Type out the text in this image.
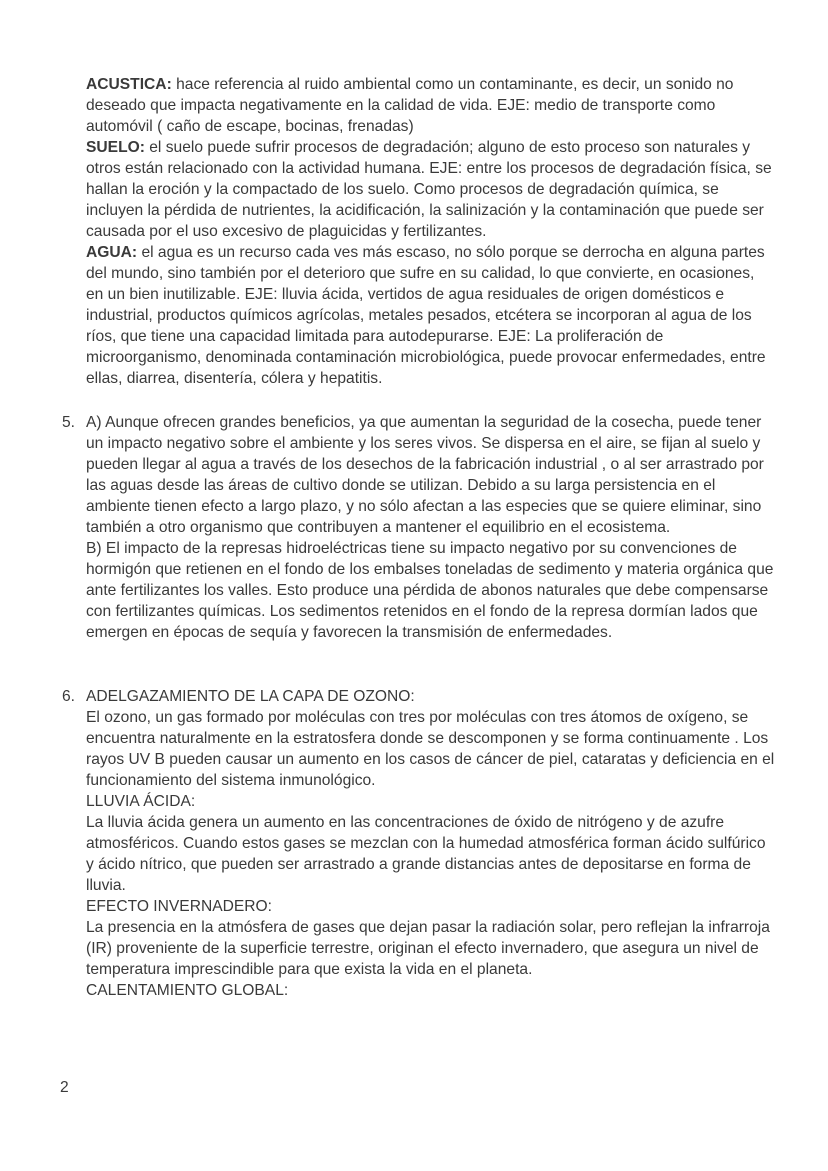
ACUSTICA: hace referencia al ruido ambiental como un contaminante, es decir, un sonido no deseado que impacta negativamente en la calidad de vida. EJE: medio de transporte como automóvil ( caño de escape, bocinas, frenadas)

SUELO: el suelo puede sufrir procesos de degradación; alguno de esto proceso son naturales y otros están relacionado con la actividad humana. EJE: entre los procesos de degradación física, se hallan la eroción y la compactado de los suelo. Como procesos de degradación química, se incluyen la pérdida de nutrientes, la acidificación, la salinización y la contaminación que puede ser causada por el uso excesivo de plaguicidas y fertilizantes.

AGUA: el agua es un recurso cada ves más escaso, no sólo porque se derrocha en alguna partes del mundo, sino también por el deterioro que sufre en su calidad, lo que convierte, en ocasiones, en un bien inutilizable. EJE: lluvia ácida, vertidos de agua residuales de origen domésticos e industrial, productos químicos agrícolas, metales pesados, etcétera se incorporan al agua de los ríos, que tiene una capacidad limitada para autodepurarse. EJE: La proliferación de microorganismo, denominada contaminación microbiológica, puede provocar enfermedades, entre ellas, diarrea, disentería, cólera y hepatitis.

5. A) Aunque ofrecen grandes beneficios, ya que aumentan la seguridad de la cosecha, puede tener un impacto negativo sobre el ambiente y los seres vivos. Se dispersa en el aire, se fijan al suelo y pueden llegar al agua a través de los desechos de la fabricación industrial , o al ser arrastrado por las aguas desde las áreas de cultivo donde se utilizan. Debido a su larga persistencia en el ambiente tienen efecto a largo plazo, y no sólo afectan a las especies que se quiere eliminar, sino también a otro organismo que contribuyen a mantener el equilibrio en el ecosistema.

B) El impacto de la represas hidroeléctricas tiene su impacto negativo por su convenciones de hormigón que retienen en el fondo de los embalses toneladas de sedimento y materia orgánica que ante fertilizantes los valles. Esto produce una pérdida de abonos naturales que debe compensarse con fertilizantes químicas. Los sedimentos retenidos en el fondo de la represa dormían lados que emergen en épocas de sequía y favorecen la transmisión de enfermedades.

6. ADELGAZAMIENTO DE LA CAPA DE OZONO:

El ozono, un gas formado por moléculas con tres por moléculas con tres átomos de oxígeno, se encuentra naturalmente en la estratosfera donde se descomponen y se forma continuamente . Los rayos UV B pueden causar un aumento en los casos de cáncer de piel, cataratas y deficiencia en el funcionamiento del sistema inmunológico.

LLUVIA ÁCIDA:

La lluvia ácida genera un aumento en las concentraciones de óxido de nitrógeno y de azufre atmosféricos. Cuando estos gases se mezclan con la humedad atmosférica forman ácido sulfúrico y ácido nítrico, que pueden ser arrastrado a grande distancias antes de depositarse en forma de lluvia.

EFECTO INVERNADERO:

La presencia en la atmósfera de gases que dejan pasar la radiación solar, pero reflejan la infrarroja (IR) proveniente de la superficie terrestre, originan el efecto invernadero, que asegura un nivel de temperatura imprescindible para que exista la vida en el planeta.

CALENTAMIENTO GLOBAL:

2
